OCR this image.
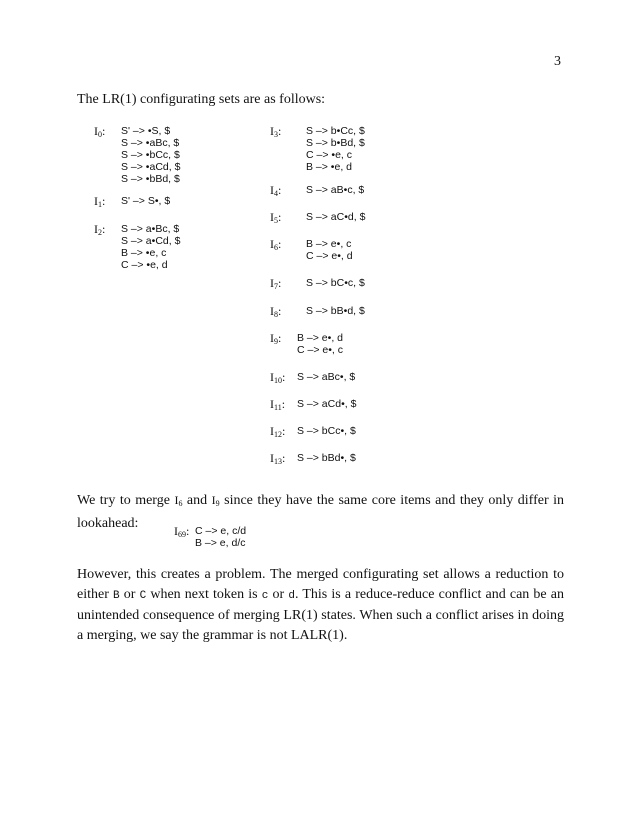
3
The LR(1) configurating sets are as follows:
$I_0$: S' –> •S, $
S –> •aBc, $
S –> •bCc, $
S –> •aCd, $
S –> •bBd, $
$I_1$: S' –> S•, $
$I_2$: S –> a•Bc, $
S –> a•Cd, $
B –> •e, c
C –> •e, d
$I_3$: S –> b•Cc, $
S –> b•Bd, $
C –> •e, c
B –> •e, d
$I_4$: S –> aB•c, $
$I_5$: S –> aC•d, $
$I_6$: B –> e•, c
C –> e•, d
$I_7$: S –> bC•c, $
$I_8$: S –> bB•d, $
$I_9$: B –> e•, d
C –> e•, c
$I_{10}$: S –> aBc•, $
$I_{11}$: S –> aCd•, $
$I_{12}$: S –> bCc•, $
$I_{13}$: S –> bBd•, $
We try to merge $I_6$ and $I_9$ since they have the same core items and they only differ in lookahead:	$I_{69}$: C –> e, c/d
B –> e, d/c
However, this creates a problem. The merged configurating set allows a reduction to either B or C when next token is c or d. This is a reduce-reduce conflict and can be an unintended consequence of merging LR(1) states. When such a conflict arises in doing a merging, we say the grammar is not LALR(1).
